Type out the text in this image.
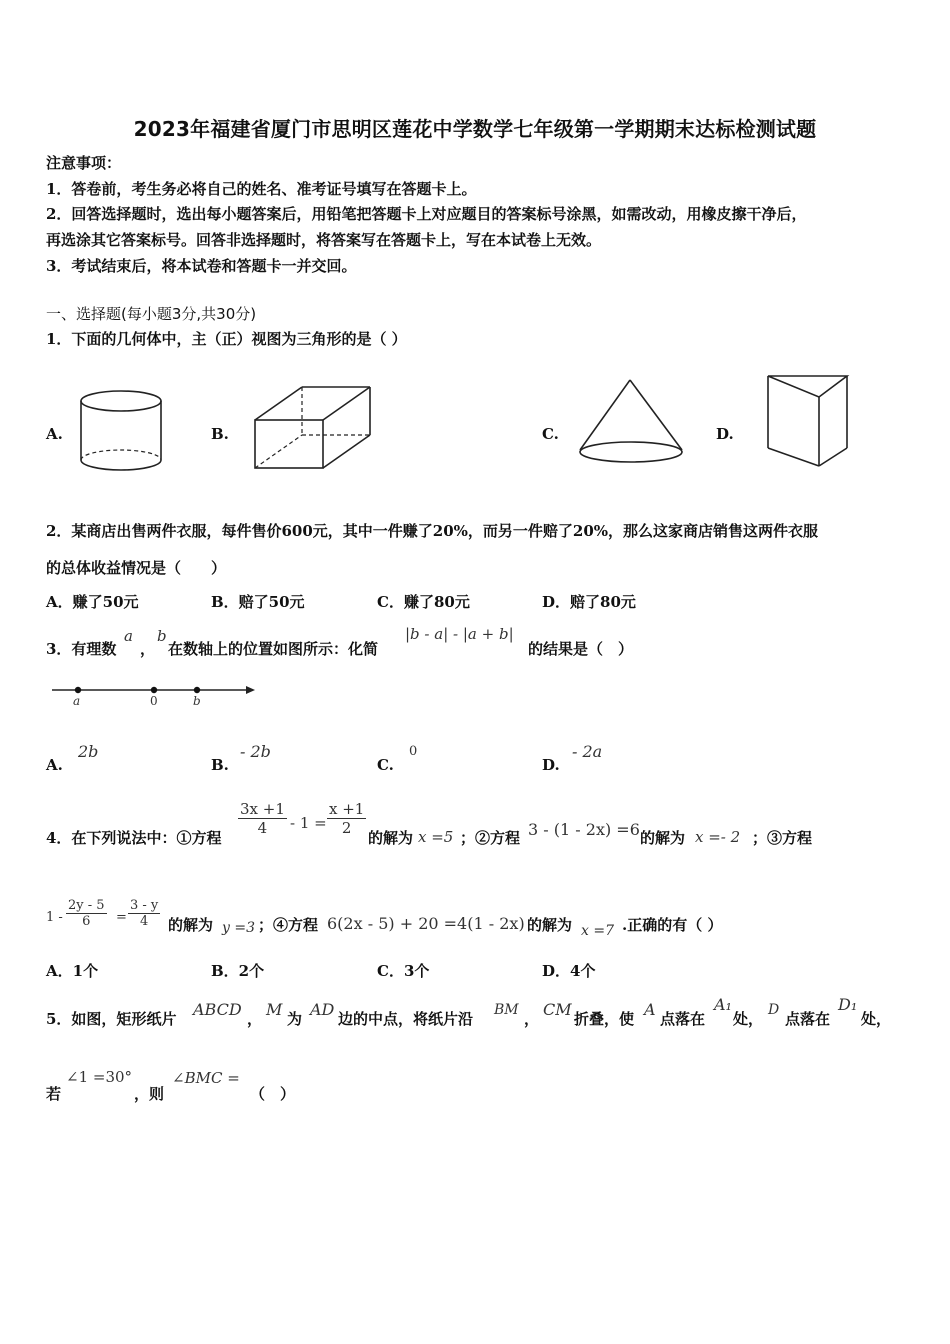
2023年福建省厦门市思明区莲花中学数学七年级第一学期期末达标检测试题
注意事项：
1．答卷前，考生务必将自己的姓名、准考证号填写在答题卡上。
2．回答选择题时，选出每小题答案后，用铅笔把答题卡上对应题目的答案标号涂黑，如需改动，用橡皮擦干净后，
再选涂其它答案标号。回答非选择题时，将答案写在答题卡上，写在本试卷上无效。
3．考试结束后，将本试卷和答题卡一并交回。
一、选择题(每小题3分,共30分)
1．下面的几何体中，主（正）视图为三角形的是（ ）
A.	B.	C.	D.
2．某商店出售两件衣服，每件售价600元，其中一件赚了20%，而另一件赔了20%，那么这家商店销售这两件衣服
的总体收益情况是（　　）
A．赚了50元	B．赔了50元	C．赚了80元	D．赔了80元
3．有理数
a
，
b
在数轴上的位置如图所示：化简
|b - a| - |a + b|
的结果是（　）
a	0	b
A.
2b
B.
- 2b
C.
0
D.
- 2a
4．在下列说法中：①方程
$\frac{3x +1}{4} - 1 = \frac{x +1}{2}$
的解为 x =5 ；②方程 3 - (1 - 2x) =6 的解为 x =- 2 ；③方程
$1 - \frac{2y - 5}{6} = \frac{3 - y}{4}$ 的解为 y =3 ；④方程 6(2x - 5) + 20 =4(1 - 2x) 的解为 x =7 .正确的有（ ）
A．1个	B．2个	C．3个	D．4个
5．如图，矩形纸片 ABCD ， M 为 AD 边的中点，将纸片沿 BM ， CM 折叠，使 A 点落在
A₁
处， D 点落在
D₁
处，
若
∠1 =30°
，则
∠BMC =
（　）
